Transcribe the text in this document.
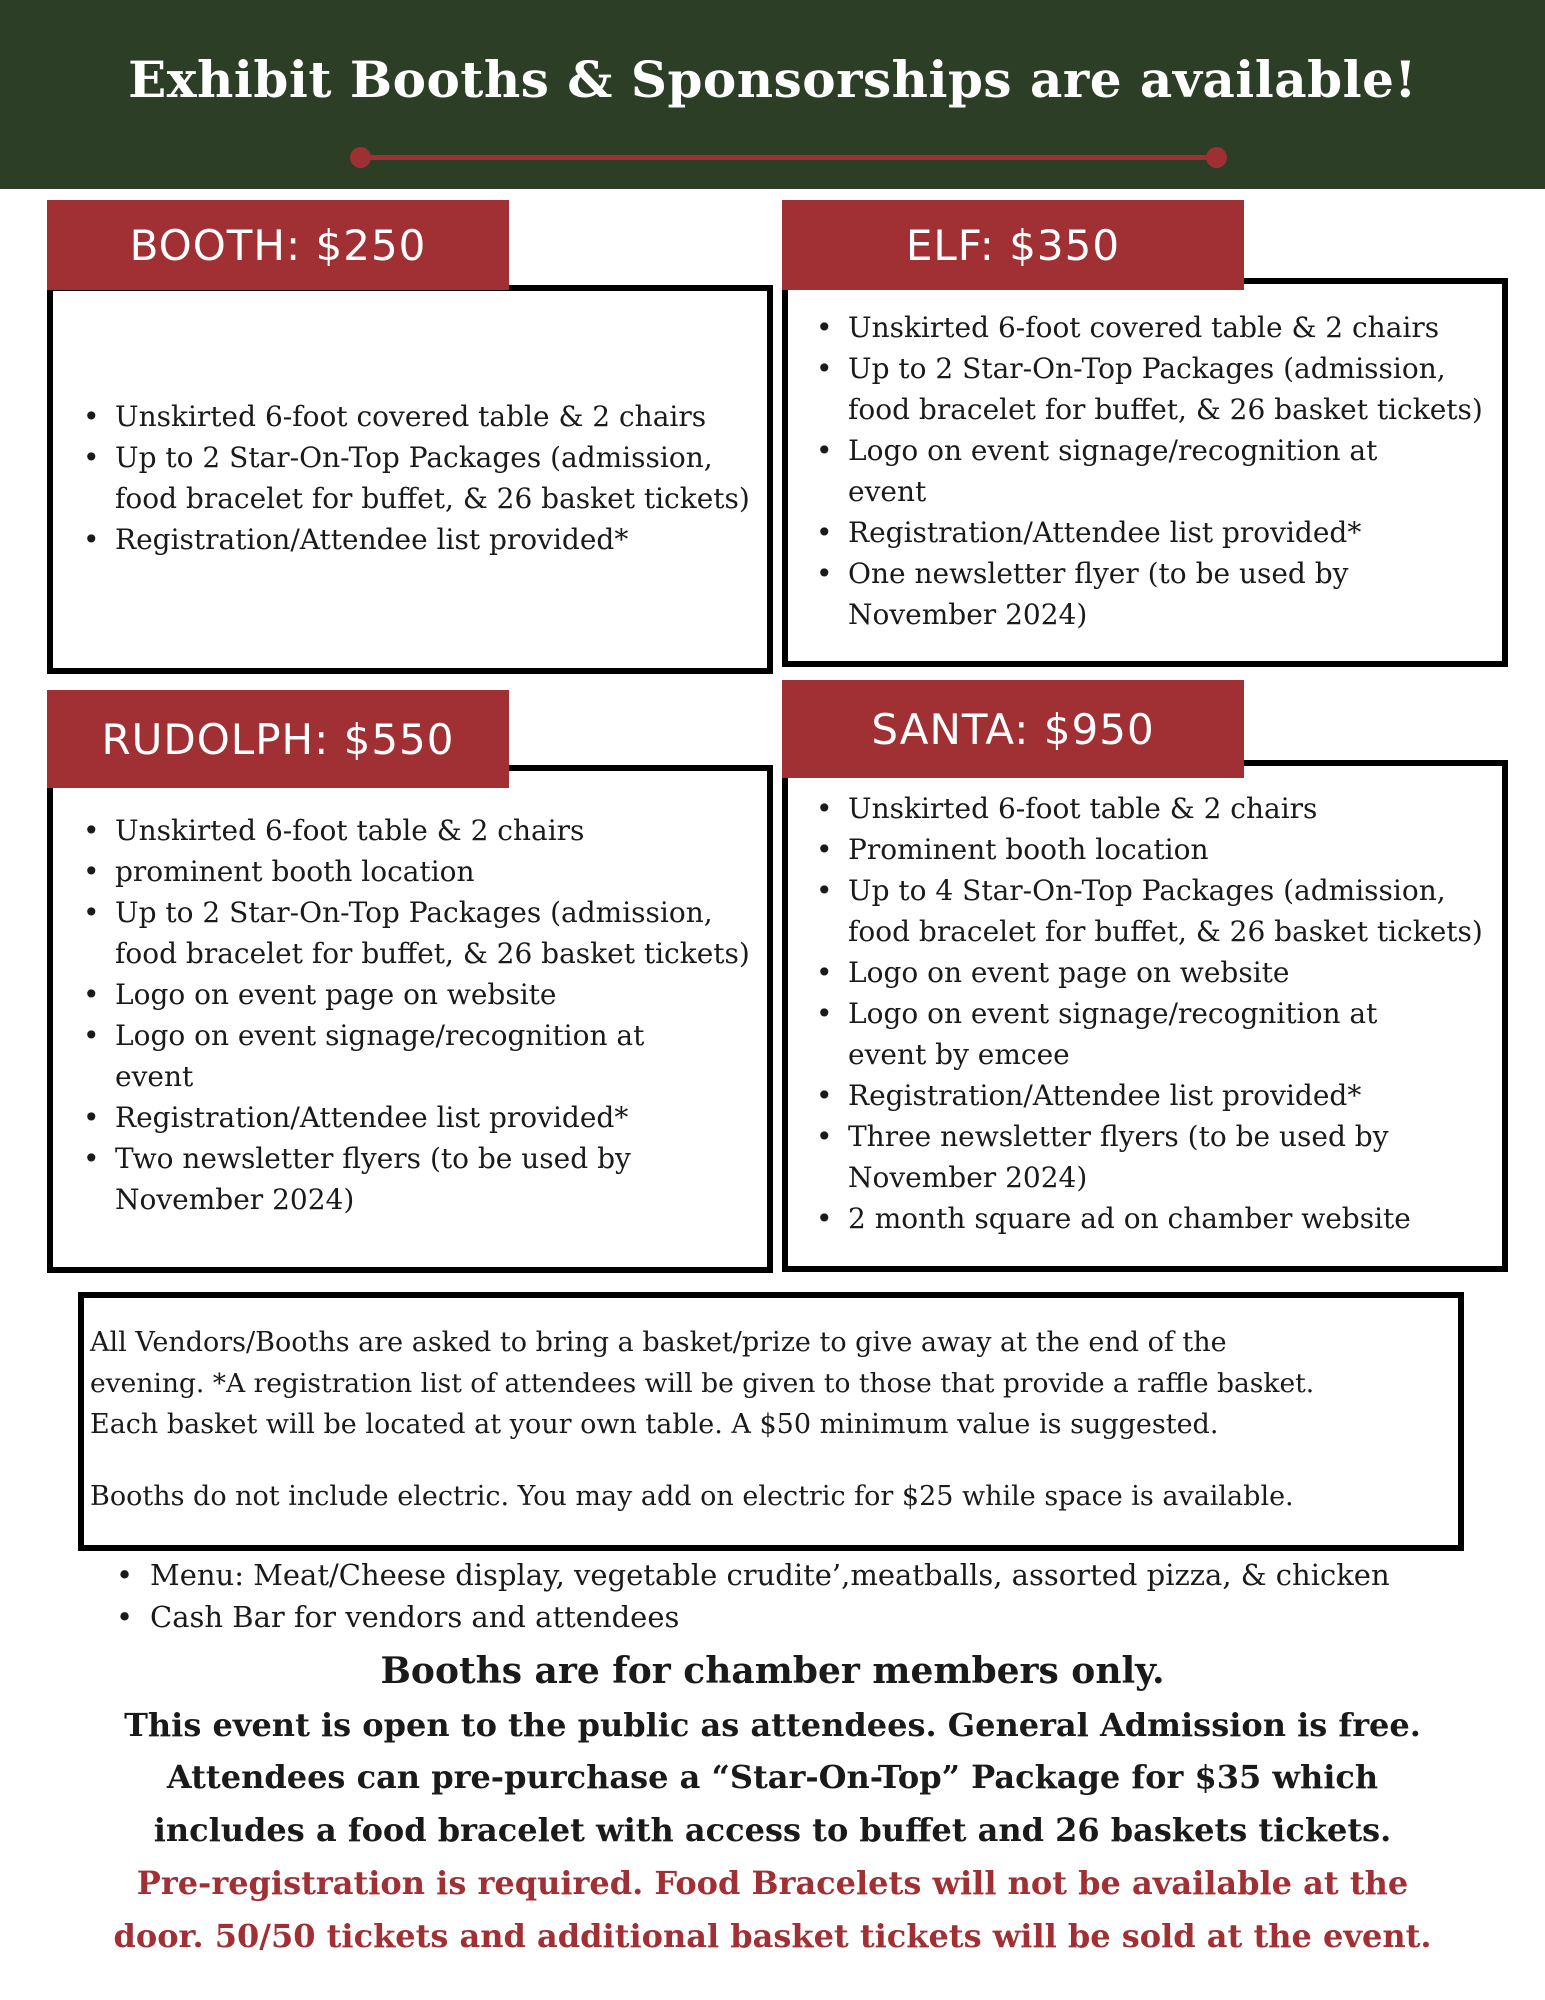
Exhibit Booths & Sponsorships are available!
BOOTH: $250
• Unskirted 6-foot covered table & 2 chairs
• Up to 2 Star-On-Top Packages (admission,
food bracelet for buffet, & 26 basket tickets)
• Registration/Attendee list provided*
ELF: $350
• Unskirted 6-foot covered table & 2 chairs
• Up to 2 Star-On-Top Packages (admission,
food bracelet for buffet, & 26 basket tickets)
• Logo on event signage/recognition at
event
• Registration/Attendee list provided*
• One newsletter flyer (to be used by
November 2024)
RUDOLPH: $550
• Unskirted 6-foot table & 2 chairs
• prominent booth location
• Up to 2 Star-On-Top Packages (admission,
food bracelet for buffet, & 26 basket tickets)
• Logo on event page on website
• Logo on event signage/recognition at
event
• Registration/Attendee list provided*
• Two newsletter flyers (to be used by
November 2024)
SANTA: $950
• Unskirted 6-foot table & 2 chairs
• Prominent booth location
• Up to 4 Star-On-Top Packages (admission,
food bracelet for buffet, & 26 basket tickets)
• Logo on event page on website
• Logo on event signage/recognition at
event by emcee
• Registration/Attendee list provided*
• Three newsletter flyers (to be used by
November 2024)
• 2 month square ad on chamber website
All Vendors/Booths are asked to bring a basket/prize to give away at the end of the
evening. *A registration list of attendees will be given to those that provide a raffle basket.
Each basket will be located at your own table. A $50 minimum value is suggested.
Booths do not include electric. You may add on electric for $25 while space is available.
• Menu: Meat/Cheese display, vegetable crudite’,meatballs, assorted pizza, & chicken
• Cash Bar for vendors and attendees
Booths are for chamber members only.
This event is open to the public as attendees. General Admission is free.
Attendees can pre-purchase a “Star-On-Top” Package for $35 which
includes a food bracelet with access to buffet and 26 baskets tickets.
Pre-registration is required. Food Bracelets will not be available at the
door. 50/50 tickets and additional basket tickets will be sold at the event.
